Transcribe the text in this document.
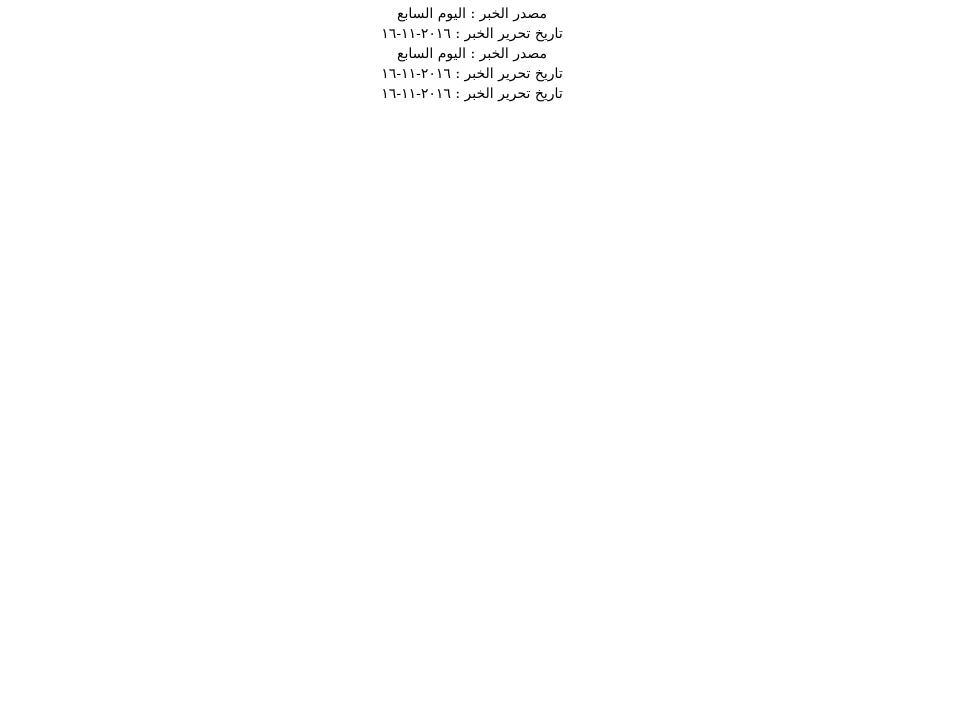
مصدر الخبر : اليوم السابع

تاريخ تحرير الخبر : ٢٠١٦-١١-١٦

مصدر الخبر : اليوم السابع

تاريخ تحرير الخبر : ٢٠١٦-١١-١٦

تاريخ تحرير الخبر : ٢٠١٦-١١-١٦
